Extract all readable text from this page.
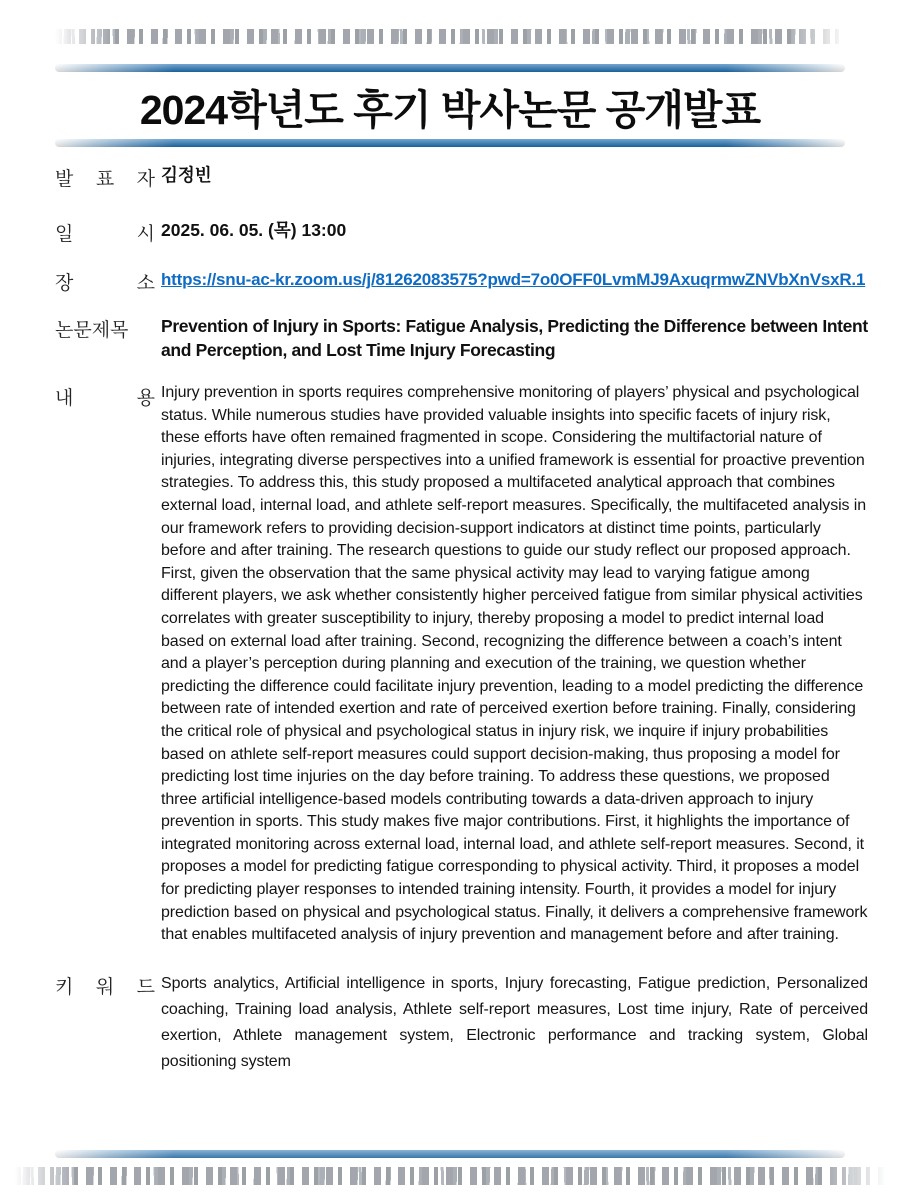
2024학년도 후기 박사논문 공개발표
발 표 자 김정빈
일 시 2025. 06. 05. (목) 13:00
장 소 https://snu-ac-kr.zoom.us/j/81262083575?pwd=7o0OFF0LvmMJ9AxuqrmwZNVbXnVsxR.1
논문제목	Prevention of Injury in Sports: Fatigue Analysis, Predicting the Difference between Intent and Perception, and Lost Time Injury Forecasting
내 용 Injury prevention in sports requires comprehensive monitoring of players’ physical and psychological status. While numerous studies have provided valuable insights into specific facets of injury risk, these efforts have often remained fragmented in scope. Considering the multifactorial nature of injuries, integrating diverse perspectives into a unified framework is essential for proactive prevention strategies. To address this, this study proposed a multifaceted analytical approach that combines external load, internal load, and athlete self-report measures. Specifically, the multifaceted analysis in our framework refers to providing decision-support indicators at distinct time points, particularly before and after training. The research questions to guide our study reflect our proposed approach. First, given the observation that the same physical activity may lead to varying fatigue among different players, we ask whether consistently higher perceived fatigue from similar physical activities correlates with greater susceptibility to injury, thereby proposing a model to predict internal load based on external load after training. Second, recognizing the difference between a coach’s intent and a player’s perception during planning and execution of the training, we question whether predicting the difference could facilitate injury prevention, leading to a model predicting the difference between rate of intended exertion and rate of perceived exertion before training. Finally, considering the critical role of physical and psychological status in injury risk, we inquire if injury probabilities based on athlete self-report measures could support decision-making, thus proposing a model for predicting lost time injuries on the day before training. To address these questions, we proposed three artificial intelligence-based models contributing towards a data-driven approach to injury prevention in sports. This study makes five major contributions. First, it highlights the importance of integrated monitoring across external load, internal load, and athlete self-report measures. Second, it proposes a model for predicting fatigue corresponding to physical activity. Third, it proposes a model for predicting player responses to intended training intensity. Fourth, it provides a model for injury prediction based on physical and psychological status. Finally, it delivers a comprehensive framework that enables multifaceted analysis of injury prevention and management before and after training.
키 워 드 Sports analytics, Artificial intelligence in sports, Injury forecasting, Fatigue prediction, Personalized coaching, Training load analysis, Athlete self-report measures, Lost time injury, Rate of perceived exertion, Athlete management system, Electronic performance and tracking system, Global positioning system
